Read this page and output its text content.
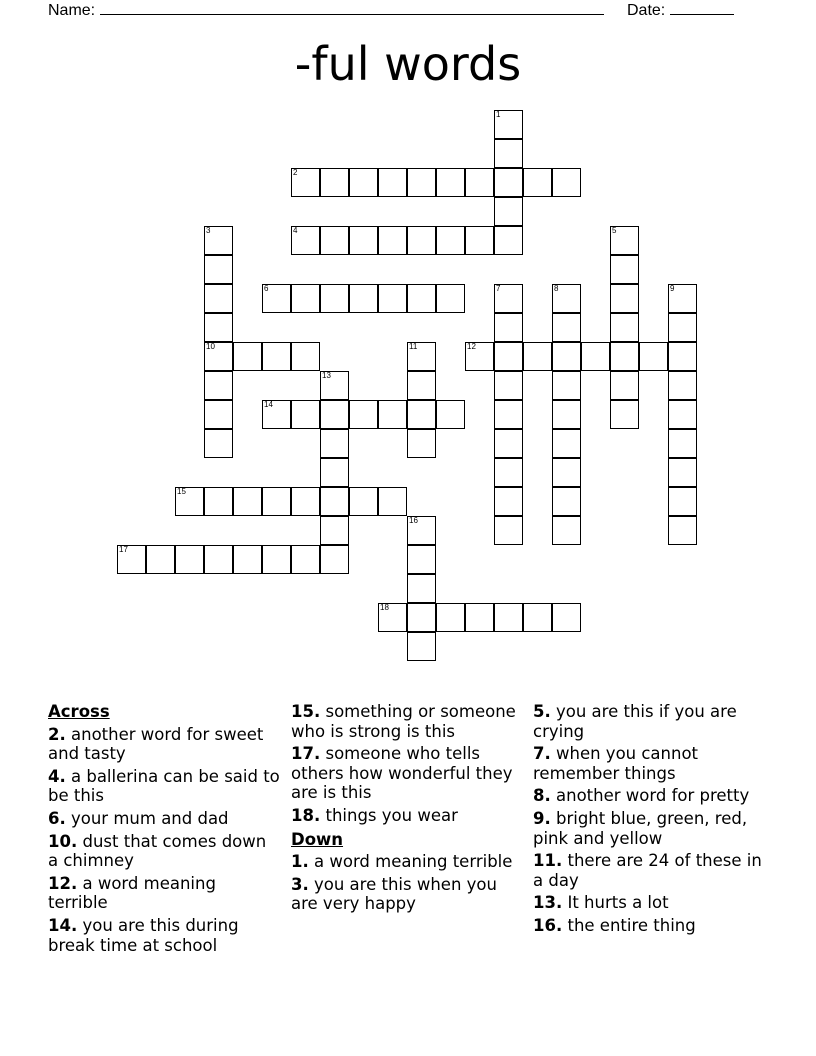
Name:	Date:
-ful words
1
2
3
10
4	5
6	7	8	9
11	12
13
14
15
16
17
18
Across
2. another word for sweet and tasty
4. a ballerina can be said to be this
6. your mum and dad
10. dust that comes down a chimney
12. a word meaning terrible
14. you are this during break time at school
15. something or someone who is strong is this
17. someone who tells others how wonderful they are is this
18. things you wear
Down
1. a word meaning terrible
3. you are this when you are very happy
5. you are this if you are crying
7. when you cannot remember things
8. another word for pretty
9. bright blue, green, red, pink and yellow
11. there are 24 of these in a day
13. It hurts a lot
16. the entire thing
